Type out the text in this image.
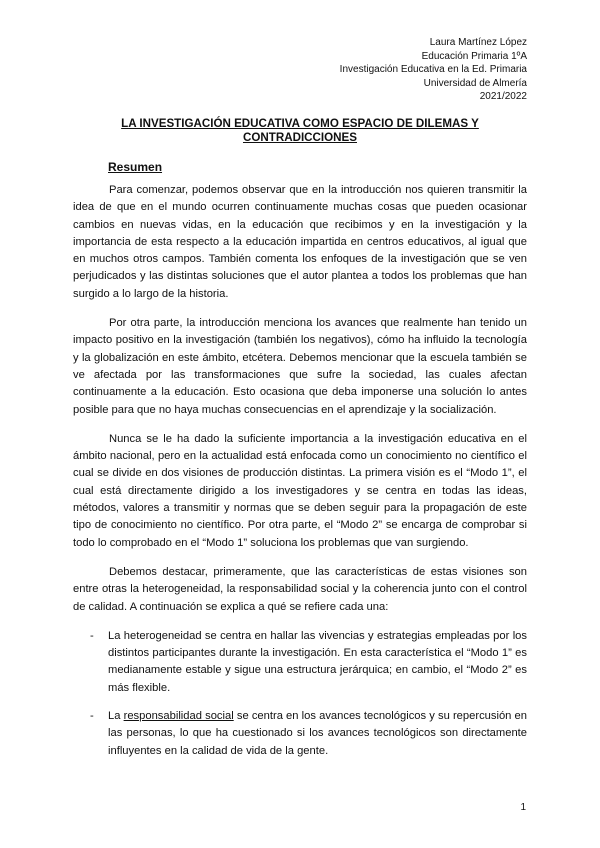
Laura Martínez López
Educación Primaria 1ºA
Investigación Educativa en la Ed. Primaria
Universidad de Almería
2021/2022
LA INVESTIGACIÓN EDUCATIVA COMO ESPACIO DE DILEMAS Y CONTRADICCIONES
Resumen

Para comenzar, podemos observar que en la introducción nos quieren transmitir la idea de que en el mundo ocurren continuamente muchas cosas que pueden ocasionar cambios en nuevas vidas, en la educación que recibimos y en la investigación y la importancia de esta respecto a la educación impartida en centros educativos, al igual que en muchos otros campos. También comenta los enfoques de la investigación que se ven perjudicados y las distintas soluciones que el autor plantea a todos los problemas que han surgido a lo largo de la historia.

Por otra parte, la introducción menciona los avances que realmente han tenido un impacto positivo en la investigación (también los negativos), cómo ha influido la tecnología y la globalización en este ámbito, etcétera. Debemos mencionar que la escuela también se ve afectada por las transformaciones que sufre la sociedad, las cuales afectan continuamente a la educación. Esto ocasiona que deba imponerse una solución lo antes posible para que no haya muchas consecuencias en el aprendizaje y la socialización.

Nunca se le ha dado la suficiente importancia a la investigación educativa en el ámbito nacional, pero en la actualidad está enfocada como un conocimiento no científico el cual se divide en dos visiones de producción distintas. La primera visión es el “Modo 1”, el cual está directamente dirigido a los investigadores y se centra en todas las ideas, métodos, valores a transmitir y normas que se deben seguir para la propagación de este tipo de conocimiento no científico. Por otra parte, el “Modo 2” se encarga de comprobar si todo lo comprobado en el “Modo 1” soluciona los problemas que van surgiendo.

Debemos destacar, primeramente, que las características de estas visiones son entre otras la heterogeneidad, la responsabilidad social y la coherencia junto con el control de calidad. A continuación se explica a qué se refiere cada una:

- La heterogeneidad se centra en hallar las vivencias y estrategias empleadas por los distintos participantes durante la investigación. En esta característica el “Modo 1” es medianamente estable y sigue una estructura jerárquica; en cambio, el “Modo 2” es más flexible.
- La responsabilidad social se centra en los avances tecnológicos y su repercusión en las personas, lo que ha cuestionado si los avances tecnológicos son directamente influyentes en la calidad de vida de la gente.
1
